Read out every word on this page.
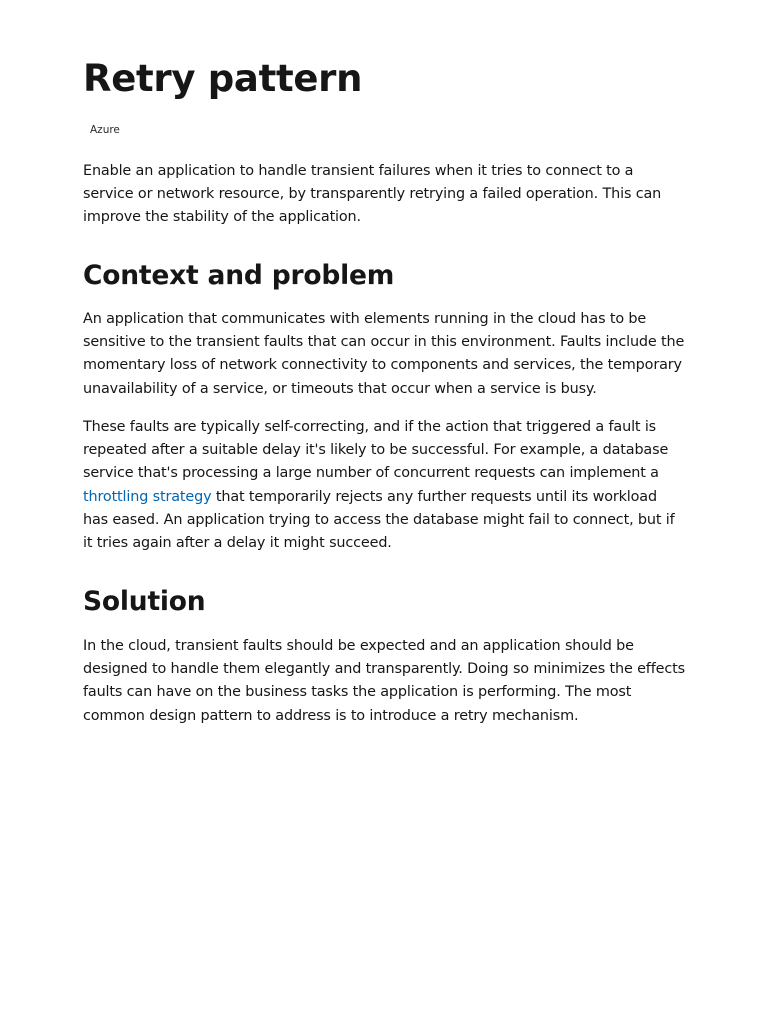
Retry pattern
Azure

Enable an application to handle transient failures when it tries to connect to a service or network resource, by transparently retrying a failed operation. This can improve the stability of the application.

Context and problem

An application that communicates with elements running in the cloud has to be sensitive to the transient faults that can occur in this environment. Faults include the momentary loss of network connectivity to components and services, the temporary unavailability of a service, or timeouts that occur when a service is busy.

These faults are typically self-correcting, and if the action that triggered a fault is repeated after a suitable delay it's likely to be successful. For example, a database service that's processing a large number of concurrent requests can implement a throttling strategy that temporarily rejects any further requests until its workload has eased. An application trying to access the database might fail to connect, but if it tries again after a delay it might succeed.

Solution

In the cloud, transient faults should be expected and an application should be designed to handle them elegantly and transparently. Doing so minimizes the effects faults can have on the business tasks the application is performing. The most common design pattern to address is to introduce a retry mechanism.
